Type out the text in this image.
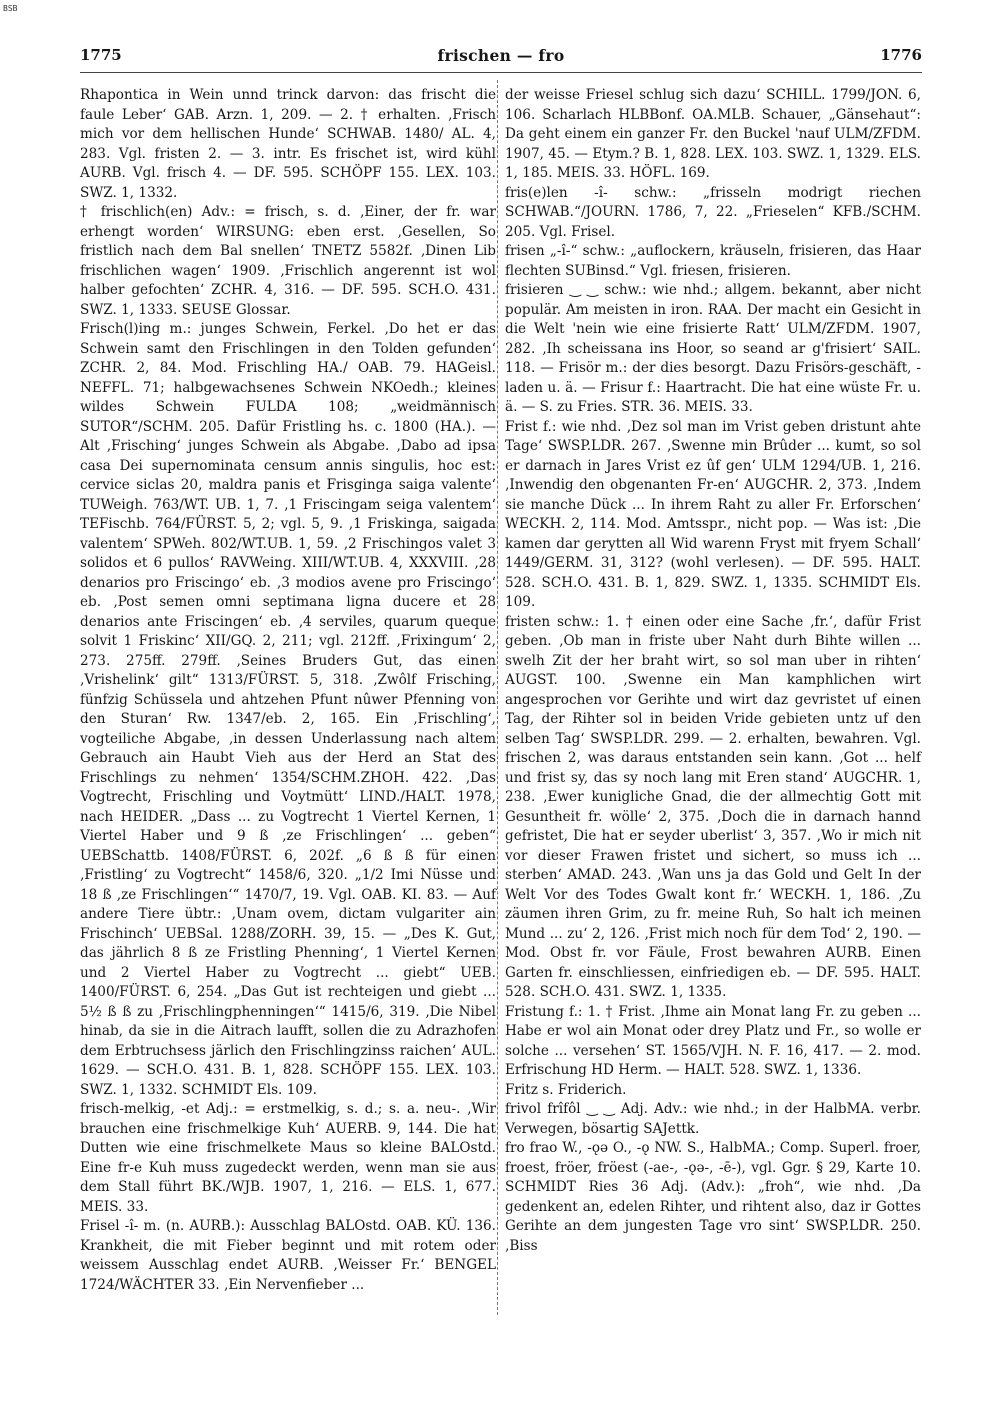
BSB
1775	frischen — fro	1776

Rhapontica in Wein unnd trinck darvon: das frischt die faule Leber‘ GAB. Arzn. 1, 209. — 2. † erhalten. ‚Frisch mich vor dem hellischen Hunde‘ SCHWAB. 1480/ AL. 4, 283. Vgl. fristen 2. — 3. intr. Es frischet ist, wird kühl AURB. Vgl. frisch 4. — DF. 595. SCHÖPF 155. LEX. 103. SWZ. 1, 1332.

† frischlich(en) Adv.: = frisch, s. d. ‚Einer, der fr. war erhengt worden‘ WIRSUNG: eben erst. ‚Gesellen, So fristlich nach dem Bal snellen‘ TNETZ 5582f. ‚Dinen Lib frischlichen wagen‘ 1909. ‚Frischlich angerennt ist wol halber gefochten‘ ZCHR. 4, 316. — DF. 595. SCH.O. 431. SWZ. 1, 1333. SEUSE Glossar.

Frisch(l)ing m.: junges Schwein, Ferkel. ‚Do het er das Schwein samt den Frischlingen in den Tolden gefunden‘ ZCHR. 2, 84. Mod. Frischling HA./ OAB. 79. HAGeisl. NEFFL. 71; halbgewachsenes Schwein NKOedh.; kleines wildes Schwein FULDA 108; „weidmännisch SUTOR“/SCHM. 205. Dafür Fristling hs. c. 1800 (HA.). — Alt ‚Frisching‘ junges Schwein als Abgabe. ‚Dabo ad ipsa casa Dei supernominata censum annis singulis, hoc est: cervice siclas 20, maldra panis et Frisginga saiga valente‘ TUWeigh. 763/WT. UB. 1, 7. ‚1 Friscingam seiga valentem‘ TEFischb. 764/FÜRST. 5, 2; vgl. 5, 9. ‚1 Friskinga, saigada valentem‘ SPWeh. 802/WT.UB. 1, 59. ‚2 Frischingos valet 3 solidos et 6 pullos‘ RAVWeing. XIII/WT.UB. 4, XXXVIII. ‚28 denarios pro Friscingo‘ eb. ‚3 modios avene pro Friscingo‘ eb. ‚Post semen omni septimana ligna ducere et 28 denarios ante Friscingen‘ eb. ‚4 serviles, quarum queque solvit 1 Friskinc‘ XII/GQ. 2, 211; vgl. 212ff. ‚Frixingum‘ 2, 273. 275ff. 279ff. ‚Seines Bruders Gut, das einen ‚Vrishelink‘ gilt“ 1313/FÜRST. 5, 318. ‚Zwôlf Frisching, fünfzig Schüssela und ahtzehen Pfunt nûwer Pfenning von den Sturan‘ Rw. 1347/eb. 2, 165. Ein ‚Frischling‘, vogteiliche Abgabe, ‚in dessen Underlassung nach altem Gebrauch ain Haubt Vieh aus der Herd an Stat des Frischlings zu nehmen‘ 1354/SCHM.ZHOH. 422. ‚Das Vogtrecht, Frischling und Voytmütt‘ LIND./HALT. 1978, nach HEIDER. „Dass ... zu Vogtrecht 1 Viertel Kernen, 1 Viertel Haber und 9 ß ‚ze Frischlingen‘ ... geben“ UEBSchattb. 1408/FÜRST. 6, 202f. „6 ß ß für einen ‚Fristling‘ zu Vogtrecht“ 1458/6, 320. „1/2 Imi Nüsse und 18 ß ‚ze Frischlingen‘“ 1470/7, 19. Vgl. OAB. KI. 83. — Auf andere Tiere übtr.: ‚Unam ovem, dictam vulgariter ain Frischinch‘ UEBSal. 1288/ZORH. 39, 15. — „Des K. Gut, das jährlich 8 ß ze Fristling Phenning‘, 1 Viertel Kernen und 2 Viertel Haber zu Vogtrecht ... giebt“ UEB. 1400/FÜRST. 6, 254. „Das Gut ist rechteigen und giebt ... 5½ ß ß zu ‚Frischlingphenningen‘“ 1415/6, 319. ‚Die Nibel hinab, da sie in die Aitrach laufft, sollen die zu Adrazhofen dem Erbtruchsess järlich den Frischlingzinss raichen‘ AUL. 1629. — SCH.O. 431. B. 1, 828. SCHÖPF 155. LEX. 103. SWZ. 1, 1332. SCHMIDT Els. 109.

frisch-melkig, -et Adj.: = erstmelkig, s. d.; s. a. neu-. ‚Wir brauchen eine frischmelkige Kuh‘ AUERB. 9, 144. Die hat Dutten wie eine frischmelkete Maus so kleine BALOstd. Eine fr-e Kuh muss zugedeckt werden, wenn man sie aus dem Stall führt BK./WJB. 1907, 1, 216. — ELS. 1, 677. MEIS. 33.

Frisel -î- m. (n. AURB.): Ausschlag BALOstd. OAB. KÜ. 136. Krankheit, die mit Fieber beginnt und mit rotem oder weissem Ausschlag endet AURB. ‚Weisser Fr.‘ BENGEL 1724/WÄCHTER 33. ‚Ein Nervenfieber ...

der weisse Friesel schlug sich dazu‘ SCHILL. 1799/JON. 6, 106. Scharlach HLBBonf. OA.MLB. Schauer, „Gänsehaut“: Da geht einem ein ganzer Fr. den Buckel 'nauf ULM/ZFDM. 1907, 45. — Etym.? B. 1, 828. LEX. 103. SWZ. 1, 1329. ELS. 1, 185. MEIS. 33. HÖFL. 169.

fris(e)len -î- schw.: „frisseln modrigt riechen SCHWAB.“/JOURN. 1786, 7, 22. „Frieselen“ KFB./SCHM. 205. Vgl. Frisel.

frisen „-î-“ schw.: „auflockern, kräuseln, frisieren, das Haar flechten SUBinsd.“ Vgl. friesen, frisieren.

frisieren ‿ ‿ schw.: wie nhd.; allgem. bekannt, aber nicht populär. Am meisten in iron. RAA. Der macht ein Gesicht in die Welt 'nein wie eine frisierte Ratt‘ ULM/ZFDM. 1907, 282. ‚Ih scheissana ins Hoor, so seand ar g'frisiert‘ SAIL. 118. — Frisör m.: der dies besorgt. Dazu Frisörs-geschäft, -laden u. ä. — Frisur f.: Haartracht. Die hat eine wüste Fr. u. ä. — S. zu Fries. STR. 36. MEIS. 33.

Frist f.: wie nhd. ‚Dez sol man im Vrist geben dristunt ahte Tage‘ SWSP.LDR. 267. ‚Swenne min Brûder ... kumt, so sol er darnach in Jares Vrist ez ûf gen‘ ULM 1294/UB. 1, 216. ‚Inwendig den obgenanten Fr-en‘ AUGCHR. 2, 373. ‚Indem sie manche Dück ... In ihrem Raht zu aller Fr. Erforschen‘ WECKH. 2, 114. Mod. Amtsspr., nicht pop. — Was ist: ‚Die kamen dar gerytten all Wid warenn Fryst mit fryem Schall‘ 1449/GERM. 31, 312? (wohl verlesen). — DF. 595. HALT. 528. SCH.O. 431. B. 1, 829. SWZ. 1, 1335. SCHMIDT Els. 109.

fristen schw.: 1. † einen oder eine Sache ‚fr.‘, dafür Frist geben. ‚Ob man in friste uber Naht durh Bihte willen ... swelh Zit der her braht wirt, so sol man uber in rihten‘ AUGST. 100. ‚Swenne ein Man kamphlichen wirt angesprochen vor Gerihte und wirt daz gevristet uf einen Tag, der Rihter sol in beiden Vride gebieten untz uf den selben Tag‘ SWSP.LDR. 299. — 2. erhalten, bewahren. Vgl. frischen 2, was daraus entstanden sein kann. ‚Got ... helf und frist sy, das sy noch lang mit Eren stand‘ AUGCHR. 1, 238. ‚Ewer kunigliche Gnad, die der allmechtig Gott mit Gesuntheit fr. wölle‘ 2, 375. ‚Doch die in darnach hannd gefristet, Die hat er seyder uberlist‘ 3, 357. ‚Wo ir mich nit vor dieser Frawen fristet und sichert, so muss ich ... sterben‘ AMAD. 243. ‚Wan uns ja das Gold und Gelt In der Welt Vor des Todes Gwalt kont fr.‘ WECKH. 1, 186. ‚Zu zäumen ihren Grim, zu fr. meine Ruh, So halt ich meinen Mund ... zu‘ 2, 126. ‚Frist mich noch für dem Tod‘ 2, 190. — Mod. Obst fr. vor Fäule, Frost bewahren AURB. Einen Garten fr. einschliessen, einfriedigen eb. — DF. 595. HALT. 528. SCH.O. 431. SWZ. 1, 1335.

Fristung f.: 1. † Frist. ‚Ihme ain Monat lang Fr. zu geben ... Habe er wol ain Monat oder drey Platz und Fr., so wolle er solche ... versehen‘ ST. 1565/VJH. N. F. 16, 417. — 2. mod. Erfrischung HD Herm. — HALT. 528. SWZ. 1, 1336.

Fritz s. Friderich.

frivol frîfôl ‿ ‿ Adj. Adv.: wie nhd.; in der HalbMA. verbr. Verwegen, bösartig SAJettk.

fro frao W., -ǫə O., -ǫ NW. S., HalbMA.; Comp. Superl. froer, froest, fröer, fröest (-ae-, -ǫə-, -ē-), vgl. Ggr. § 29, Karte 10. SCHMIDT Ries 36 Adj. (Adv.): „froh“, wie nhd. ‚Da gedenkent an, edelen Rihter, und rihtent also, daz ir Gottes Gerihte an dem jungesten Tage vro sint‘ SWSP.LDR. 250. ‚Biss
